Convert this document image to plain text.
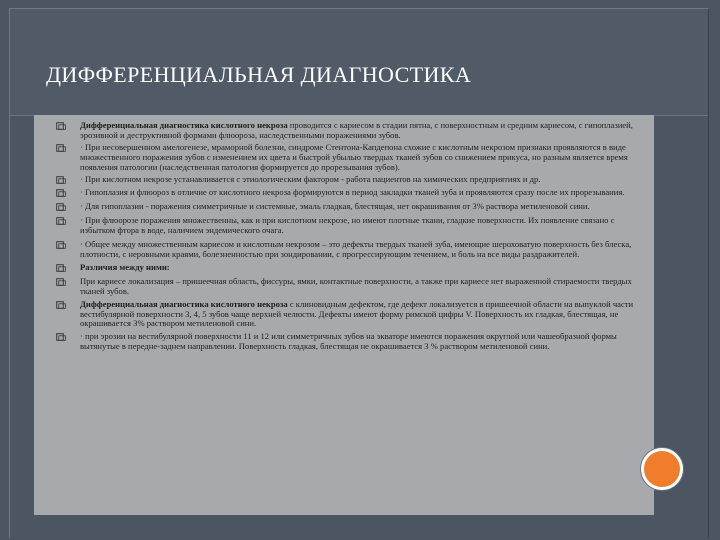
ДИФФЕРЕНЦИАЛЬНАЯ ДИАГНОСТИКА
Дифференциальная диагностика кислотного некроза проводится с кариесом в стадии пятна, с поверхностным и средним кариесом, с гипоплазией, эрозивной и деструктивной формами флюороза, наследственными поражениями зубов.
· При несовершенном амелогенезе, мраморной болезни, синдроме Стентона-Капдепона схожие с кислотным некрозом признаки проявляются в виде множественного поражения зубов с изменением их цвета и быстрой убылью твердых тканей зубов со снижением прикуса, но разным является время появления патологии (наследственная патология формируется до прорезывания зубов).
· При кислотном некрозе устанавливается с этиологическим фактором - работа пациентов на химических предприятиях и др.
· Гипоплазия и флюороз в отличие от кислотного некроза формируются в период закладки тканей зуба и проявляются сразу после их прорезывания.
· Для гипоплазии - поражения симметричные и системные, эмаль гладкая, блестящая, нет окрашивания от 3% раствора метиленовой сини.
· При флюорозе поражения множественны, как и при кислотном некрозе, но имеют плотные ткани, гладкие поверхности. Их появление связано с избытком фтора в воде, наличием эндемического очага.
· Общее между множественным кариесом и кислотным некрозом – это дефекты твердых тканей зуба, имеющие шероховатую поверхность без блеска, плотности, с неровными краями, болезненностью при зондировании, с прогрессирующим течением, и боль на все виды раздражителей.
Различия между ними:
При кариесе локализация – пришеечная область, фиссуры, ямки, контактные поверхности, а также при кариесе нет выраженной стираемости твердых тканей зубов.
Дифференциальная диагностика кислотного некроза с клиновидным дефектом, где дефект локализуется в пришеечной области на выпуклой части вестибулярной поверхности 3, 4, 5 зубов чаще верхней челюсти. Дефекты имеют форму римской цифры V. Поверхность их гладкая, блестящая, не окрашивается 3% раствором метиленовой сини.
· при эрозии на вестибулярной поверхности 11 и 12 или симметричных зубов на экваторе имеются поражения округлой или чашеобразной формы вытянутые в передне-заднем направлении. Поверхность гладкая, блестящая не окрашивается 3 % раствором метиленовой сини.
